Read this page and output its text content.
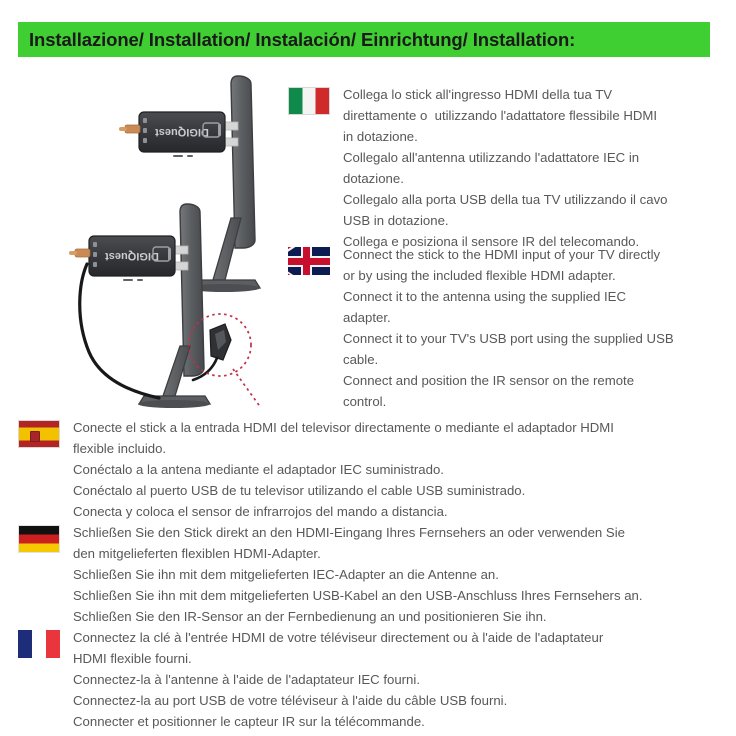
Installazione/ Installation/ Instalación/ Einrichtung/ Installation:
DIGIQuest
DIGIQuest
Collega lo stick all'ingresso HDMI della tua TV
direttamente o  utilizzando l'adattatore flessibile HDMI
in dotazione.
Collegalo all'antenna utilizzando l'adattatore IEC in
dotazione.
Collegalo alla porta USB della tua TV utilizzando il cavo
USB in dotazione.
Collega e posiziona il sensore IR del telecomando.
Connect the stick to the HDMI input of your TV directly
or by using the included flexible HDMI adapter.
Connect it to the antenna using the supplied IEC
adapter.
Connect it to your TV's USB port using the supplied USB
cable.
Connect and position the IR sensor on the remote
control.
Conecte el stick a la entrada HDMI del televisor directamente o mediante el adaptador HDMI
flexible incluido.
Conéctalo a la antena mediante el adaptador IEC suministrado.
Conéctalo al puerto USB de tu televisor utilizando el cable USB suministrado.
Conecta y coloca el sensor de infrarrojos del mando a distancia.
Schließen Sie den Stick direkt an den HDMI-Eingang Ihres Fernsehers an oder verwenden Sie
den mitgelieferten flexiblen HDMI-Adapter.
Schließen Sie ihn mit dem mitgelieferten IEC-Adapter an die Antenne an.
Schließen Sie ihn mit dem mitgelieferten USB-Kabel an den USB-Anschluss Ihres Fernsehers an.
Schließen Sie den IR-Sensor an der Fernbedienung an und positionieren Sie ihn.
Connectez la clé à l'entrée HDMI de votre téléviseur directement ou à l'aide de l'adaptateur
HDMI flexible fourni.
Connectez-la à l'antenne à l'aide de l'adaptateur IEC fourni.
Connectez-la au port USB de votre téléviseur à l'aide du câble USB fourni.
Connecter et positionner le capteur IR sur la télécommande.
